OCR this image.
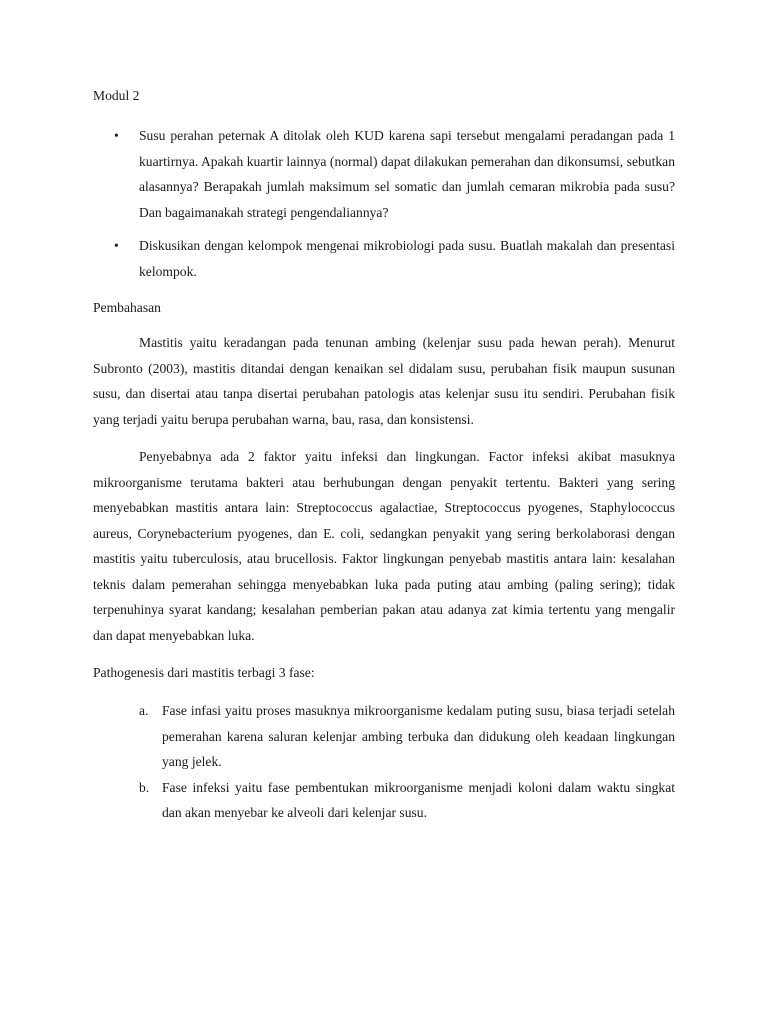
Modul 2

• Susu perahan peternak A ditolak oleh KUD karena sapi tersebut mengalami peradangan pada 1 kuartirnya. Apakah kuartir lainnya (normal) dapat dilakukan pemerahan dan dikonsumsi, sebutkan alasannya? Berapakah jumlah maksimum sel somatic dan jumlah cemaran mikrobia pada susu? Dan bagaimanakah strategi pengendaliannya?
• Diskusikan dengan kelompok mengenai mikrobiologi pada susu. Buatlah makalah dan presentasi kelompok.

Pembahasan

Mastitis yaitu keradangan pada tenunan ambing (kelenjar susu pada hewan perah). Menurut Subronto (2003), mastitis ditandai dengan kenaikan sel didalam susu, perubahan fisik maupun susunan susu, dan disertai atau tanpa disertai perubahan patologis atas kelenjar susu itu sendiri. Perubahan fisik yang terjadi yaitu berupa perubahan warna, bau, rasa, dan konsistensi.

Penyebabnya ada 2 faktor yaitu infeksi dan lingkungan. Factor infeksi akibat masuknya mikroorganisme terutama bakteri atau berhubungan dengan penyakit tertentu. Bakteri yang sering menyebabkan mastitis antara lain: Streptococcus agalactiae, Streptococcus pyogenes, Staphylococcus aureus, Corynebacterium pyogenes, dan E. coli, sedangkan penyakit yang sering berkolaborasi dengan mastitis yaitu tuberculosis, atau brucellosis. Faktor lingkungan penyebab mastitis antara lain: kesalahan teknis dalam pemerahan sehingga menyebabkan luka pada puting atau ambing (paling sering); tidak terpenuhinya syarat kandang; kesalahan pemberian pakan atau adanya zat kimia tertentu yang mengalir dan dapat menyebabkan luka.

Pathogenesis dari mastitis terbagi 3 fase:

a. Fase infasi yaitu proses masuknya mikroorganisme kedalam puting susu, biasa terjadi setelah pemerahan karena saluran kelenjar ambing terbuka dan didukung oleh keadaan lingkungan yang jelek.
b. Fase infeksi yaitu fase pembentukan mikroorganisme menjadi koloni dalam waktu singkat dan akan menyebar ke alveoli dari kelenjar susu.
